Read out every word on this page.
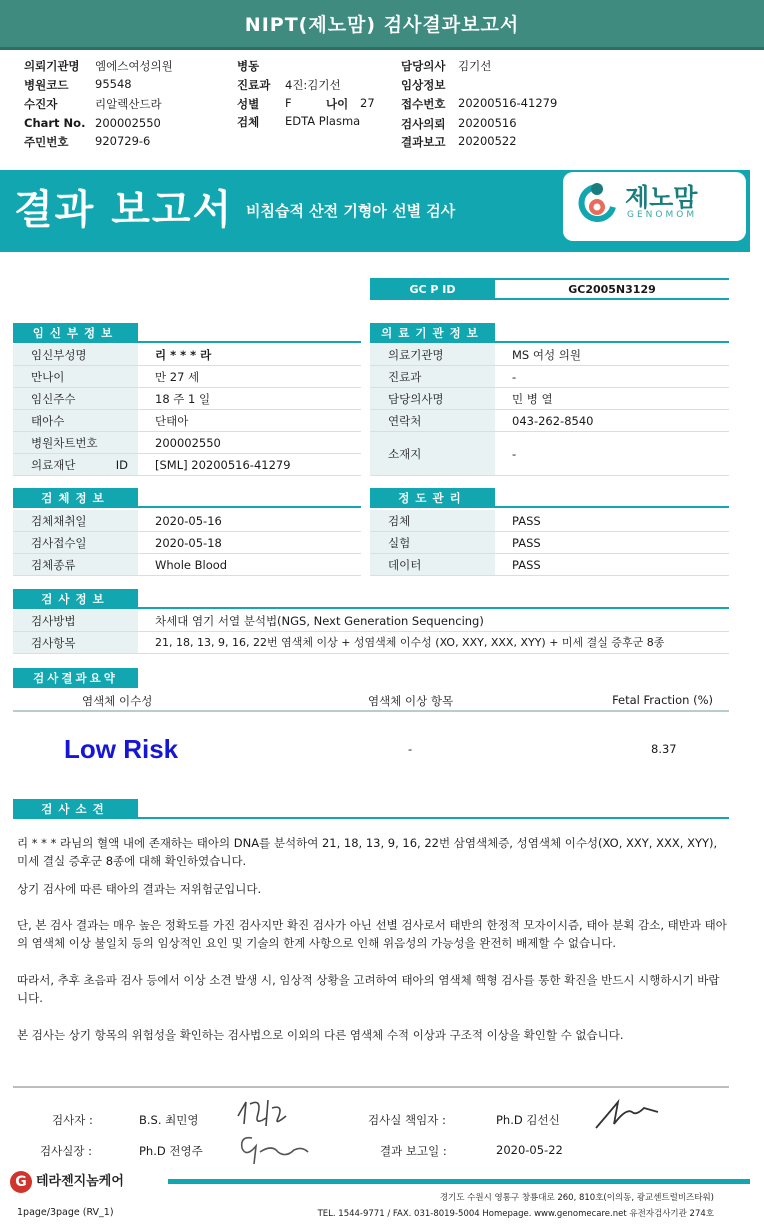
NIPT(제노맘) 검사결과보고서
의뢰기관명 엠에스여성의원
병원코드 95548
수진자	리알렉산드라
Chart No. 200002550
주민번호 920729-6
병동
진료과 4진:김기선
성별 F	나이 27
검체 EDTA Plasma
담당의사 김기선
임상정보
접수번호 20200516-41279
검사의뢰 20200516
결과보고 20200522
결과 보고서 비침습적 산전 기형아 선별 검사	제노맘
GENOMOM
GC P ID	GC2005N3129
임신부정보
임신부성명	리 * * * 라
만나이	만 27 세
임신주수	18 주 1 일
태아수	단태아
병원차트번호	200002550
의료재단 ID	[SML] 20200516-41279
의료기관정보
의료기관명	MS 여성 의원
진료과	-
담당의사명	민 병 열
연락처	043-262-8540
소재지	-
검체정보
검체채취일	2020-05-16
검사접수일	2020-05-18
검체종류	Whole Blood
정도관리
검체	PASS
실험	PASS
데이터	PASS
검사정보
검사방법	차세대 염기 서열 분석법(NGS, Next Generation Sequencing)
검사항목	21, 18, 13, 9, 16, 22번 염색체 이상 + 성염색체 이수성 (XO, XXY, XXX, XYY) + 미세 결실 증후군 8종
검사결과요약
염색체 이수성	염색체 이상 항목	Fetal Fraction (%)
Low Risk	-	8.37
검사소견
리 * * * 라님의 혈액 내에 존재하는 태아의 DNA를 분석하여 21, 18, 13, 9, 16, 22번 삼염색체증, 성염색체 이수성(XO, XXY, XXX, XYY), 미세 결실 증후군 8종에 대해 확인하였습니다.
상기 검사에 따른 태아의 결과는 저위험군입니다.
단, 본 검사 결과는 매우 높은 정확도를 가진 검사지만 확진 검사가 아닌 선별 검사로서 태반의 한정적 모자이시즘, 태아 분획 감소, 태반과 태아의 염색체 이상 불일치 등의 임상적인 요인 및 기술의 한계 사항으로 인해 위음성의 가능성을 완전히 배제할 수 없습니다.
따라서, 추후 초음파 검사 등에서 이상 소견 발생 시, 임상적 상황을 고려하여 태아의 염색체 핵형 검사를 통한 확진을 반드시 시행하시기 바랍니다.
본 검사는 상기 항목의 위험성을 확인하는 검사법으로 이외의 다른 염색체 수적 이상과 구조적 이상을 확인할 수 없습니다.
검사자 :	B.S. 최민영	검사실 책임자 :	Ph.D 김선신
검사실장 :	Ph.D 전영주	결과 보고일 :	2020-05-22
G 테라젠지놈케어
경기도 수원시 영통구 창룡대로 260, 810호(이의동, 광교센트럴비즈타워)
TEL. 1544-9771 / FAX. 031-8019-5004 Homepage. www.genomecare.net 유전자검사기관 274호
1page/3page (RV_1)
